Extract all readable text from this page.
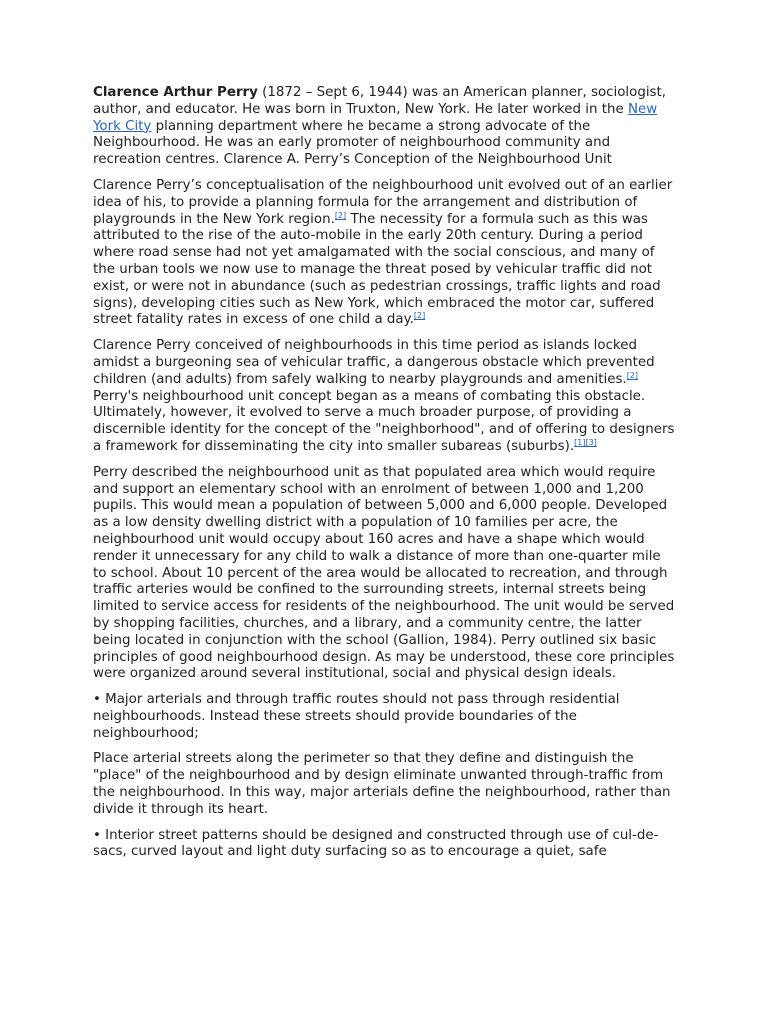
Clarence Arthur Perry (1872 – Sept 6, 1944) was an American planner, sociologist, author, and educator. He was born in Truxton, New York. He later worked in the New York City planning department where he became a strong advocate of the Neighbourhood. He was an early promoter of neighbourhood community and recreation centres. Clarence A. Perry’s Conception of the Neighbourhood Unit

Clarence Perry’s conceptualisation of the neighbourhood unit evolved out of an earlier idea of his, to provide a planning formula for the arrangement and distribution of playgrounds in the New York region.[2] The necessity for a formula such as this was attributed to the rise of the auto-mobile in the early 20th century. During a period where road sense had not yet amalgamated with the social conscious, and many of the urban tools we now use to manage the threat posed by vehicular traffic did not exist, or were not in abundance (such as pedestrian crossings, traffic lights and road signs), developing cities such as New York, which embraced the motor car, suffered street fatality rates in excess of one child a day.[2]

Clarence Perry conceived of neighbourhoods in this time period as islands locked amidst a burgeoning sea of vehicular traffic, a dangerous obstacle which prevented children (and adults) from safely walking to nearby playgrounds and amenities.[2] Perry's neighbourhood unit concept began as a means of combating this obstacle. Ultimately, however, it evolved to serve a much broader purpose, of providing a discernible identity for the concept of the "neighborhood", and of offering to designers a framework for disseminating the city into smaller subareas (suburbs).[1][3]

Perry described the neighbourhood unit as that populated area which would require and support an elementary school with an enrolment of between 1,000 and 1,200 pupils. This would mean a population of between 5,000 and 6,000 people. Developed as a low density dwelling district with a population of 10 families per acre, the neighbourhood unit would occupy about 160 acres and have a shape which would render it unnecessary for any child to walk a distance of more than one-quarter mile to school. About 10 percent of the area would be allocated to recreation, and through traffic arteries would be confined to the surrounding streets, internal streets being limited to service access for residents of the neighbourhood. The unit would be served by shopping facilities, churches, and a library, and a community centre, the latter being located in conjunction with the school (Gallion, 1984). Perry outlined six basic principles of good neighbourhood design. As may be understood, these core principles were organized around several institutional, social and physical design ideals.

• Major arterials and through traffic routes should not pass through residential neighbourhoods. Instead these streets should provide boundaries of the neighbourhood;

Place arterial streets along the perimeter so that they define and distinguish the "place" of the neighbourhood and by design eliminate unwanted through-traffic from the neighbourhood. In this way, major arterials define the neighbourhood, rather than divide it through its heart.

• Interior street patterns should be designed and constructed through use of cul-de-sacs, curved layout and light duty surfacing so as to encourage a quiet, safe
